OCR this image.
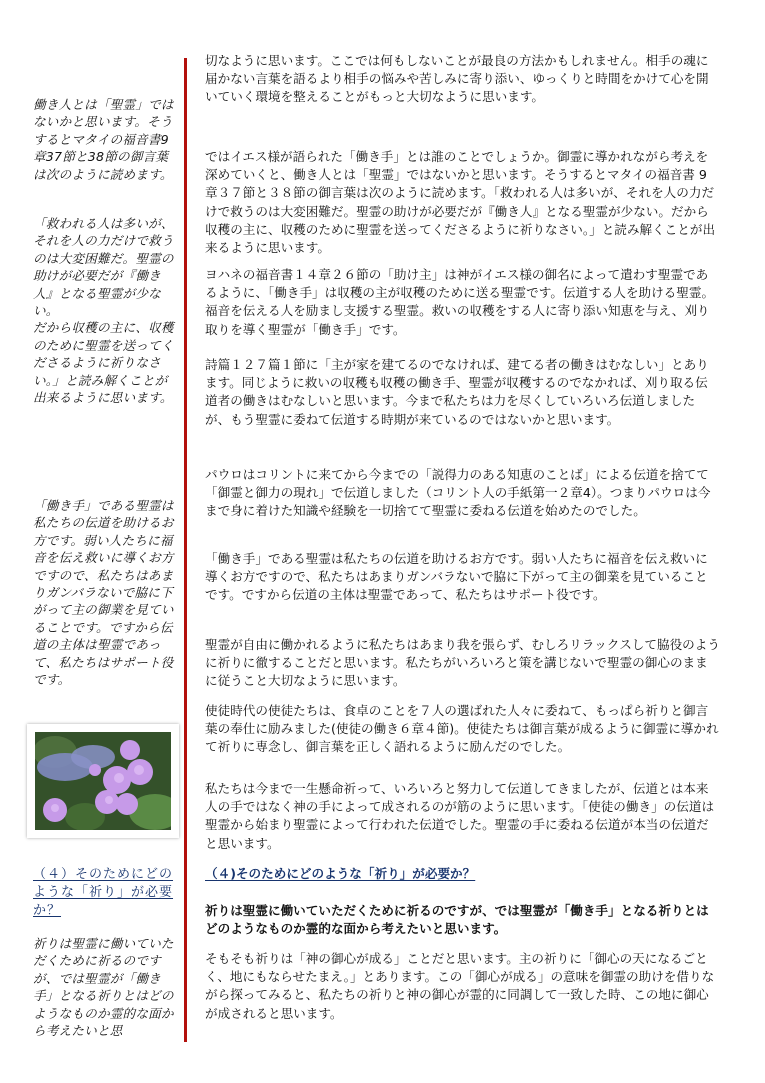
働き人とは「聖霊」ではないかと思います。そうするとマタイの福音書9章37節と38節の御言葉は次のように読めます。

「救われる人は多いが、それを人の力だけで救うのは大変困難だ。聖霊の助けが必要だが『働き人』となる聖霊が少ない。

だから収穫の主に、収穫のために聖霊を送ってくださるように祈りなさい。」と読み解くことが出来るように思います。

「働き手」である聖霊は私たちの伝道を助けるお方です。弱い人たちに福音を伝え救いに導くお方ですので、私たちはあまりガンバラないで脇に下がって主の御業を見ていることです。ですから伝道の主体は聖霊であって、私たちはサポート役です。

（４）そのためにどのような「祈り」が必要か？

祈りは聖霊に働いていただくために祈るのですが、では聖霊が「働き手」となる祈りとはどのようなものか霊的な面から考えたいと思

切なように思います。ここでは何もしないことが最良の方法かもしれません。相手の魂に届かない言葉を語るより相手の悩みや苦しみに寄り添い、ゆっくりと時間をかけて心を開いていく環境を整えることがもっと大切なように思います。

ではイエス様が語られた「働き手」とは誰のことでしょうか。御霊に導かれながら考えを深めていくと、働き人とは「聖霊」ではないかと思います。そうするとマタイの福音書 9 章３７節と３８節の御言葉は次のように読めます。「救われる人は多いが、それを人の力だけで救うのは大変困難だ。聖霊の助けが必要だが『働き人』となる聖霊が少ない。だから収穫の主に、収穫のために聖霊を送ってくださるように祈りなさい。」と読み解くことが出来るように思います。

ヨハネの福音書１４章２６節の「助け主」は神がイエス様の御名によって遣わす聖霊であるように、「働き手」は収穫の主が収穫のために送る聖霊です。伝道する人を助ける聖霊。福音を伝える人を励まし支援する聖霊。救いの収穫をする人に寄り添い知恵を与え、刈り取りを導く聖霊が「働き手」です。

詩篇１２７篇１節に「主が家を建てるのでなければ、建てる者の働きはむなしい」とあります。同じように救いの収穫も収穫の働き手、聖霊が収穫するのでなかれば、刈り取る伝道者の働きはむなしいと思います。今まで私たちは力を尽くしていろいろ伝道しましたが、もう聖霊に委ねて伝道する時期が来ているのではないかと思います。

パウロはコリントに来てから今までの「説得力のある知恵のことば」による伝道を捨てて「御霊と御力の現れ」で伝道しました（コリント人の手紙第一２章4）。つまりパウロは今まで身に着けた知識や経験を一切捨てて聖霊に委ねる伝道を始めたのでした。

「働き手」である聖霊は私たちの伝道を助けるお方です。弱い人たちに福音を伝え救いに導くお方ですので、私たちはあまりガンバラないで脇に下がって主の御業を見ていることです。ですから伝道の主体は聖霊であって、私たちはサポート役です。

聖霊が自由に働かれるように私たちはあまり我を張らず、むしろリラックスして脇役のように祈りに徹することだと思います。私たちがいろいろと策を講じないで聖霊の御心のままに従うこと大切なように思います。

使徒時代の使徒たちは、食卓のことを７人の選ばれた人々に委ねて、もっぱら祈りと御言葉の奉仕に励みました(使徒の働き６章４節)。使徒たちは御言葉が成るように御霊に導かれて祈りに専念し、御言葉を正しく語れるように励んだのでした。

私たちは今まで一生懸命祈って、いろいろと努力して伝道してきましたが、伝道とは本来人の手ではなく神の手によって成されるのが筋のように思います。「使徒の働き」の伝道は聖霊から始まり聖霊によって行われた伝道でした。聖霊の手に委ねる伝道が本当の伝道だと思います。

（４)そのためにどのような「祈り」が必要か？

祈りは聖霊に働いていただくために祈るのですが、では聖霊が「働き手」となる祈りとはどのようなものか霊的な面から考えたいと思います。

そもそも祈りは「神の御心が成る」ことだと思います。主の祈りに「御心の天になるごとく、地にもならせたまえ。」とあります。この「御心が成る」の意味を御霊の助けを借りながら探ってみると、私たちの祈りと神の御心が霊的に同調して一致した時、この地に御心が成されると思います。
